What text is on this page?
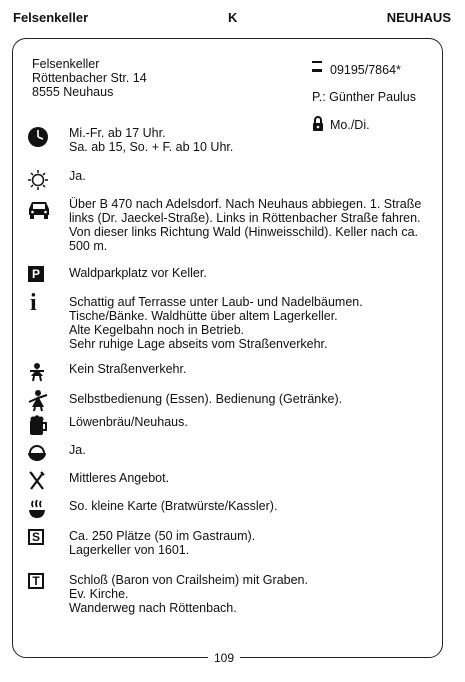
Felsenkeller	K	NEUHAUS
109
Felsenkeller
Röttenbacher Str. 14
8555 Neuhaus
09195/7864*
P.: Günther Paulus
Mo./Di.
Mi.-Fr. ab 17 Uhr.
Sa. ab 15, So. + F. ab 10 Uhr.
Ja.
Über B 470 nach Adelsdorf. Nach Neuhaus abbiegen. 1. Straße
links (Dr. Jaeckel-Straße). Links in Röttenbacher Straße fahren.
Von dieser links Richtung Wald (Hinweisschild). Keller nach ca.
500 m.
P	Waldparkplatz vor Keller.
i	Schattig auf Terrasse unter Laub- und Nadelbäumen.
Tische/Bänke. Waldhütte über altem Lagerkeller.
Alte Kegelbahn noch in Betrieb.
Sehr ruhige Lage abseits vom Straßenverkehr.
Kein Straßenverkehr.
Selbstbedienung (Essen). Bedienung (Getränke).
Löwenbräu/Neuhaus.
Ja.
Mittleres Angebot.
So. kleine Karte (Bratwürste/Kassler).
S	Ca. 250 Plätze (50 im Gastraum).
Lagerkeller von 1601.
T	Schloß (Baron von Crailsheim) mit Graben.
Ev. Kirche.
Wanderweg nach Röttenbach.
